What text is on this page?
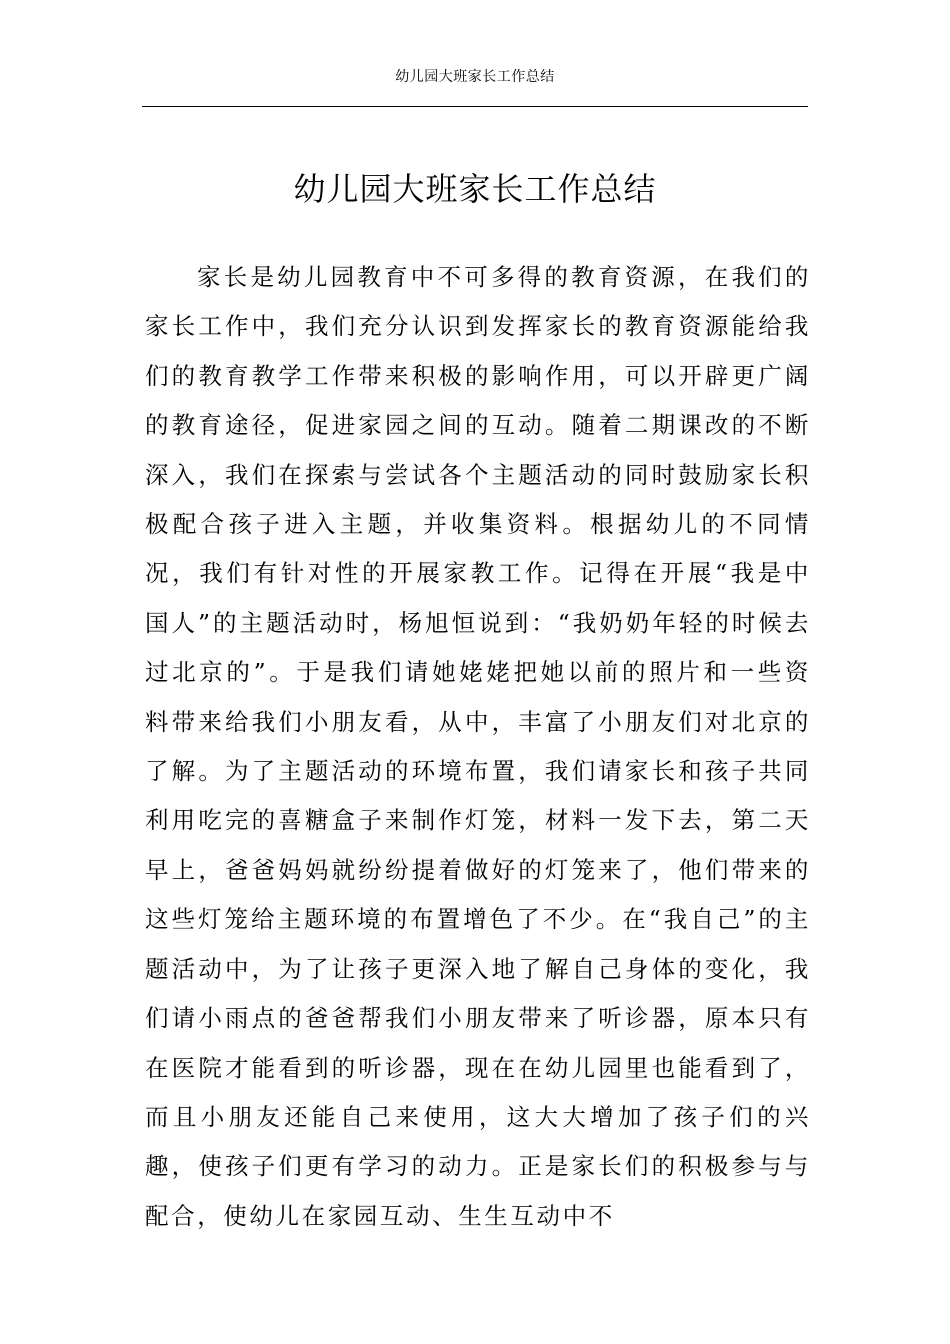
幼儿园大班家长工作总结
幼儿园大班家长工作总结

家长是幼儿园教育中不可多得的教育资源，在我们的家长工作中，我们充分认识到发挥家长的教育资源能给我们的教育教学工作带来积极的影响作用，可以开辟更广阔的教育途径，促进家园之间的互动。随着二期课改的不断深入，我们在探索与尝试各个主题活动的同时鼓励家长积极配合孩子进入主题，并收集资料。根据幼儿的不同情况，我们有针对性的开展家教工作。记得在开展“我是中国人”的主题活动时，杨旭恒说到：“我奶奶年轻的时候去过北京的”。于是我们请她姥姥把她以前的照片和一些资料带来给我们小朋友看，从中，丰富了小朋友们对北京的了解。为了主题活动的环境布置，我们请家长和孩子共同利用吃完的喜糖盒子来制作灯笼，材料一发下去，第二天早上，爸爸妈妈就纷纷提着做好的灯笼来了，他们带来的这些灯笼给主题环境的布置增色了不少。在“我自己”的主题活动中，为了让孩子更深入地了解自己身体的变化，我们请小雨点的爸爸帮我们小朋友带来了听诊器，原本只有在医院才能看到的听诊器，现在在幼儿园里也能看到了，而且小朋友还能自己来使用，这大大增加了孩子们的兴趣，使孩子们更有学习的动力。正是家长们的积极参与与配合，使幼儿在家园互动、生生互动中不
